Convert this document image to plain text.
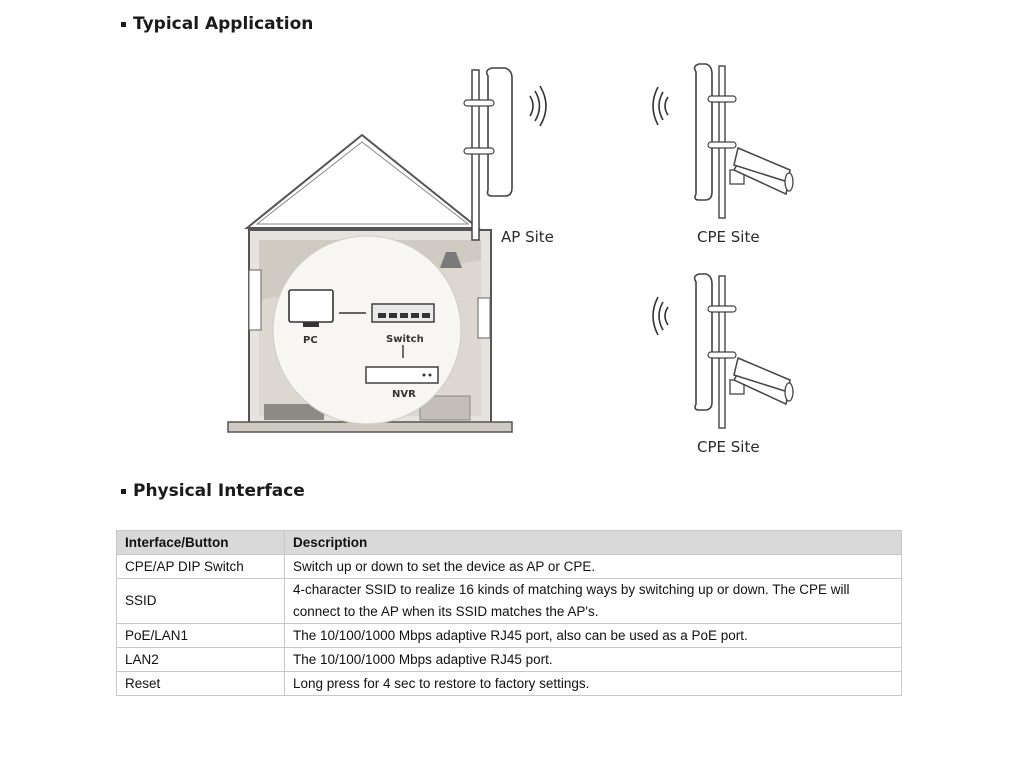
Typical Application
PC	Switch
NVR
AP Site	CPE Site
CPE Site
Physical Interface
Interface/Button	Description
CPE/AP DIP Switch	Switch up or down to set the device as AP or CPE.

SSID	4-character SSID to realize 16 kinds of matching ways by switching up or down. The CPE will
connect to the AP when its SSID matches the AP's.

PoE/LAN1	The 10/100/1000 Mbps adaptive RJ45 port, also can be used as a PoE port.

LAN2	The 10/100/1000 Mbps adaptive RJ45 port.

Reset	Long press for 4 sec to restore to factory settings.
